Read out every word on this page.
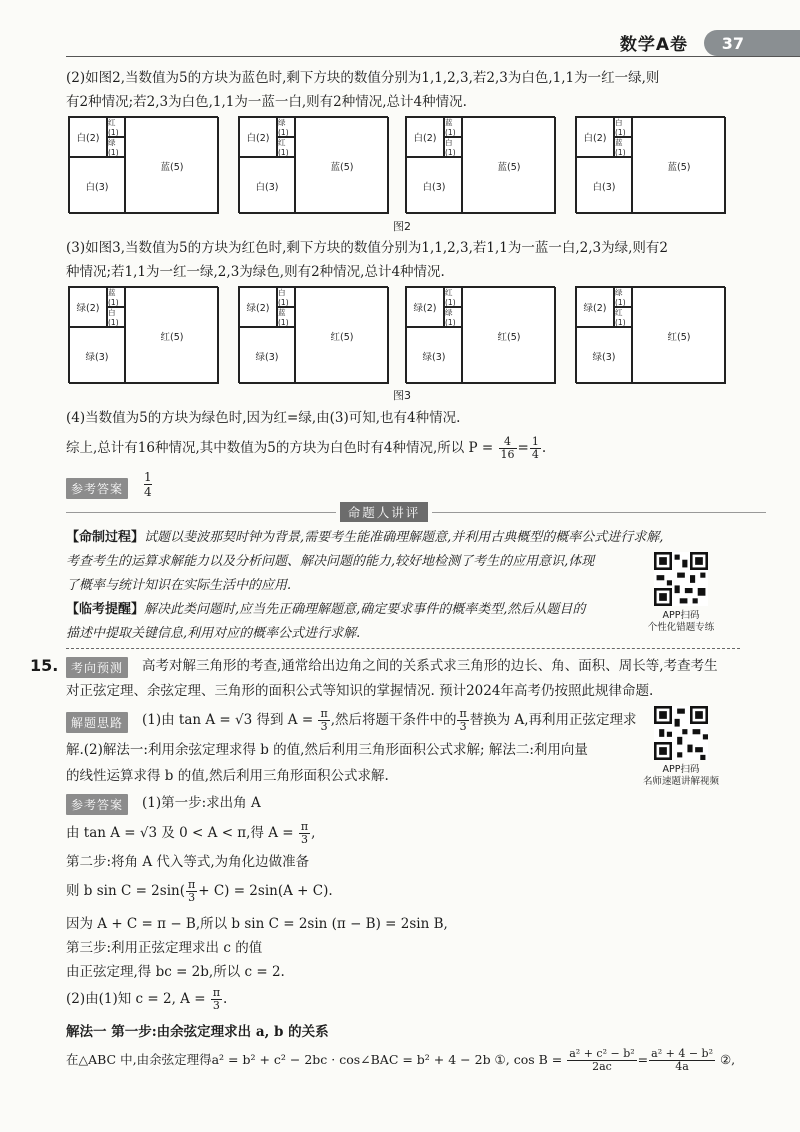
数学A卷 37
(2)如图2,当数值为5的方块为蓝色时,剩下方块的数值分别为1,1,2,3,若2,3为白色,1,1为一红一绿,则
有2种情况;若2,3为白色,1,1为一蓝一白,则有2种情况,总计4种情况.
白(2)
红(1)
绿(1)
白(3)
蓝(5)
白(2)
绿(1)
红(1)
白(3)
蓝(5)
白(2)
蓝(1)
白(1)
白(3)
蓝(5)
白(2)
白(1)
蓝(1)
白(3)
蓝(5)
图2
(3)如图3,当数值为5的方块为红色时,剩下方块的数值分别为1,1,2,3,若1,1为一蓝一白,2,3为绿,则有2
种情况;若1,1为一红一绿,2,3为绿色,则有2种情况,总计4种情况.
绿(2)
蓝(1)
白(1)
绿(3)
红(5)
绿(2)
白(1)
蓝(1)
绿(3)
红(5)
绿(2)
红(1)
绿(1)
绿(3)
红(5)
绿(2)
绿(1)
红(1)
绿(3)
红(5)
图3
(4)当数值为5的方块为绿色时,因为红=绿,由(3)可知,也有4种情况.
综上,总计有16种情况,其中数值为5的方块为白色时有4种情况,所以 $P = \frac{4}{16} = \frac{1}{4}$ .
参考答案	$\frac{1}{4}$
命题人讲评
【命制过程】试题以斐波那契时钟为背景,需要考生能准确理解题意,并利用古典概型的概率公式进行求解,
考查考生的运算求解能力以及分析问题、解决问题的能力,较好地检测了考生的应用意识,体现
了概率与统计知识在实际生活中的应用.
【临考提醒】解决此类问题时,应当先正确理解题意,确定要求事件的概率类型,然后从题目的
描述中提取关键信息,利用对应的概率公式进行求解.
APP扫码
个性化错题专练
15.	考向预测	高考对解三角形的考查,通常给出边角之间的关系式求三角形的边长、角、面积、周长等,考查考生
对正弦定理、余弦定理、三角形的面积公式等知识的掌握情况. 预计2024年高考仍按照此规律命题.
解题思路	(1)由 tan A = √3 得到 $A = \frac{\pi}{3}$ ,然后将题干条件中的 $\frac{\pi}{3}$ 替换为 A,再利用正弦定理求
解.(2)解法一:利用余弦定理求得 b 的值,然后利用三角形面积公式求解; 解法二:利用向量
的线性运算求得 b 的值,然后利用三角形面积公式求解.	APP扫码
名师速题讲解视频
参考答案	(1)第一步:求出角 A
由 tan A = √3 及 0 < A < π,得 $A = \frac{\pi}{3}$ ,
第二步:将角 A 代入等式,为角化边做准备
则 b $\sin C = 2\sin( \frac{\pi}{3} + C) = 2\sin(A + C)$.
因为 A + C = π − B,所以 b sin C = 2sin (π − B) = 2sin B,
第三步:利用正弦定理求出 c 的值
由正弦定理,得 bc = 2b,所以 c = 2.
(2)由(1)知 c = 2, $A = \frac{\pi}{3}$ .
解法一 第一步:由余弦定理求出 a, b 的关系
在△ABC 中,由余弦定理得a² = b² + c² − 2bc · cos∠BAC = b² + 4 − 2b ①, $\cos B = \frac{\text{a² + c² − b²}}{2ac} = \frac{\text{a² + 4 − b²}}{4a}$ ②,
